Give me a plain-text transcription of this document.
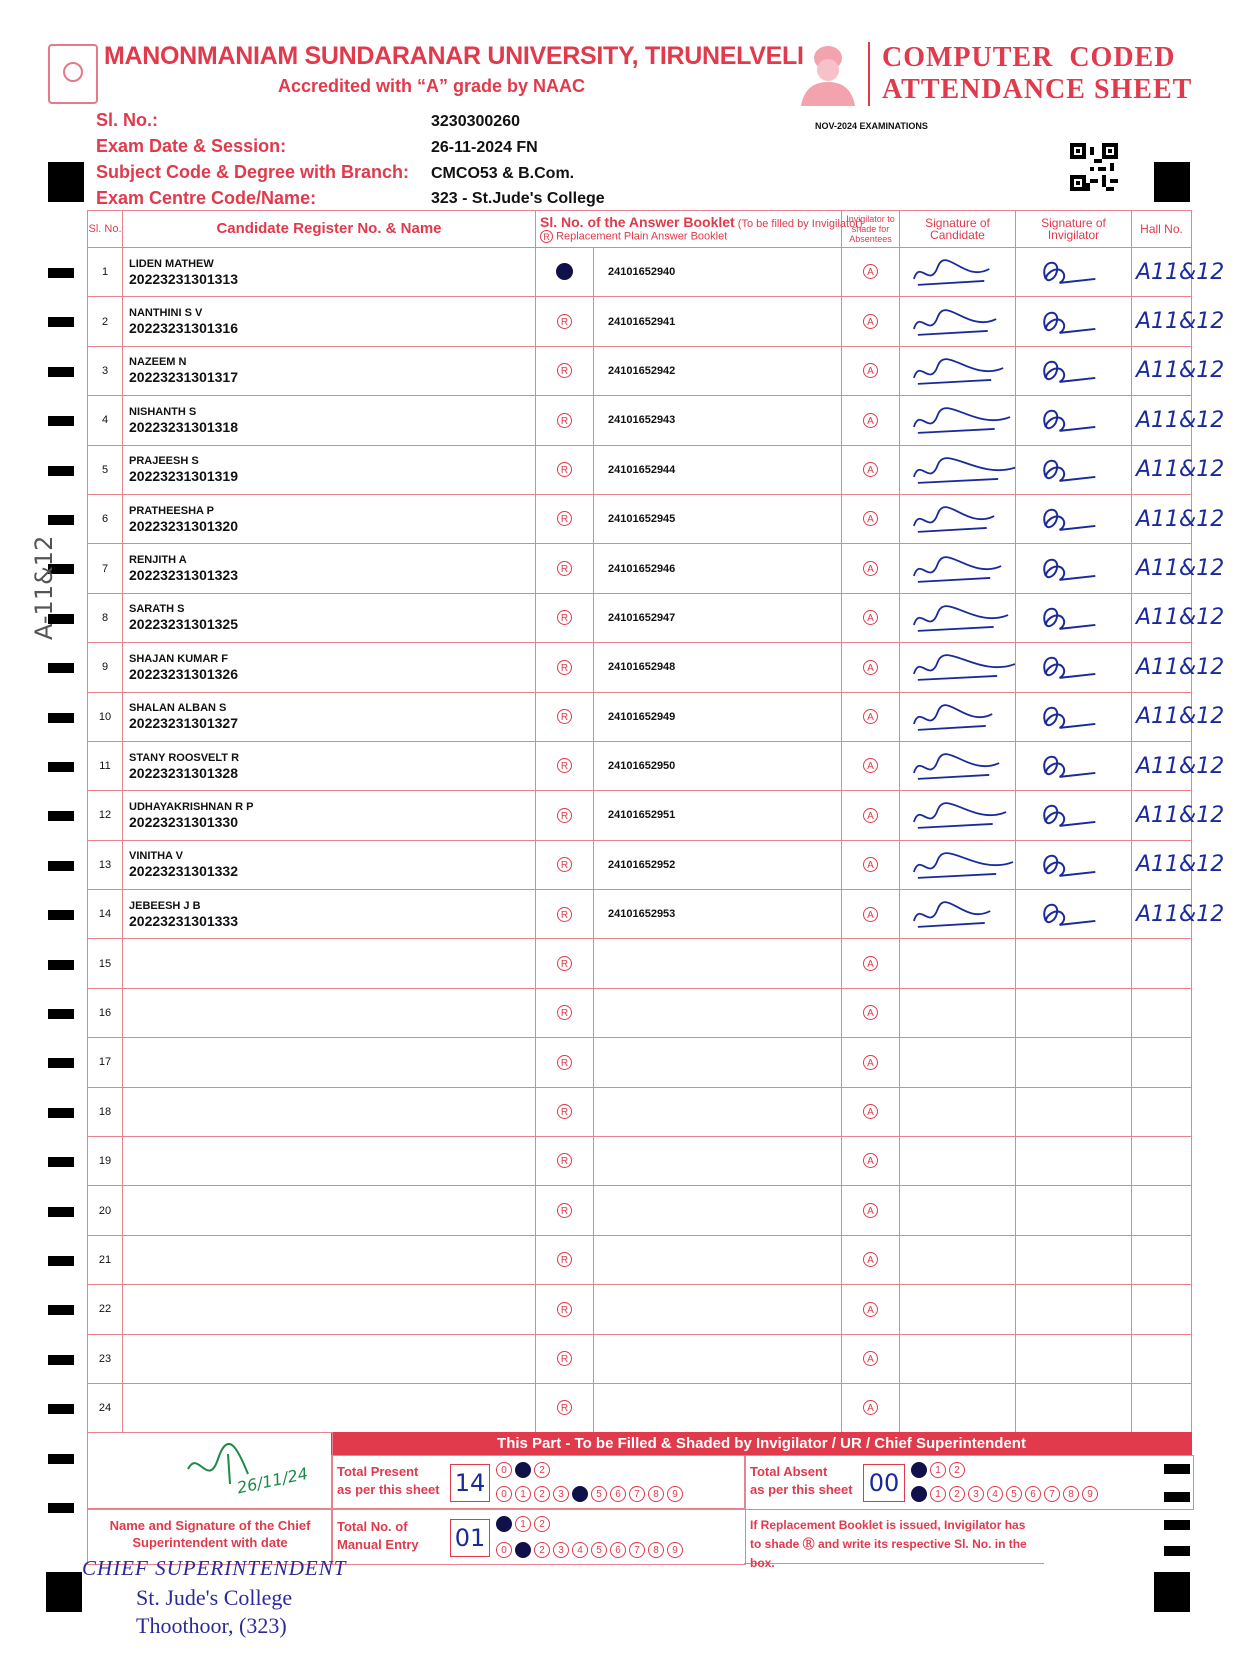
MANONMANIAM SUNDARANAR UNIVERSITY, TIRUNELVELI
Accredited with “A” grade by NAAC
COMPUTER  CODED
ATTENDANCE SHEET
Sl. No.:	3230300260
Exam Date & Session:	26-11-2024 FN
Subject Code & Degree with Branch: CMCO53 & B.Com.
Exam Centre Code/Name:	323 - St.Jude's College
NOV-2024 EXAMINATIONS
Sl. No.	Candidate Register No. & Name	Sl. No. of the Answer Booklet (To be filled by Invigilator)
R Replacement Plain Answer Booklet		Invigilator to shade for Absentees	Signature of Candidate	Signature of Invigilator	Hall No.
1	LIDEN MATHEW
20223231301313		24101652940	A			A11&12
2	NANTHINI S V
20223231301316	R	24101652941	A			A11&12
3	NAZEEM N
20223231301317	R	24101652942	A			A11&12
4	NISHANTH S
20223231301318	R	24101652943	A			A11&12
5	PRAJEESH S
20223231301319	R	24101652944	A			A11&12
6	PRATHEESHA P
20223231301320	R	24101652945	A			A11&12
7	RENJITH A
20223231301323	R	24101652946	A			A11&12
8	SARATH S
20223231301325	R	24101652947	A			A11&12
9	SHAJAN KUMAR F
20223231301326	R	24101652948	A			A11&12
10	SHALAN ALBAN S
20223231301327	R	24101652949	A			A11&12
11	STANY ROOSVELT R
20223231301328	R	24101652950	A			A11&12
12	UDHAYAKRISHNAN R P
20223231301330	R	24101652951	A			A11&12
13	VINITHA V
20223231301332	R	24101652952	A			A11&12
14	JEBEESH J B
20223231301333	R	24101652953	A			A11&12
15		R		A			
16		R		A			
17		R		A			
18		R		A			
19		R		A			
20		R		A			
21		R		A			
22		R		A			
23		R		A			
24		R		A			
This Part - To be Filled & Shaded by Invigilator / UR / Chief Superintendent
26/11/24
Name and Signature of the Chief Superintendent with date
Total Present
as per this sheet 14	0 1 2
0 1 2 3 4 5 6 7 8 9
Total Absent
as per this sheet 00	0 1 2
0 1 2 3 4 5 6 7 8 9
Total No. of
Manual Entry 01	0 1 2
0 1 2 3 4 5 6 7 8 9
If Replacement Booklet is issued, Invigilator has to shade Ⓡ and write its respective Sl. No. in the box.
CHIEF SUPERINTENDENT
St. Jude's College
Thoothoor, (323)
A-11&12
